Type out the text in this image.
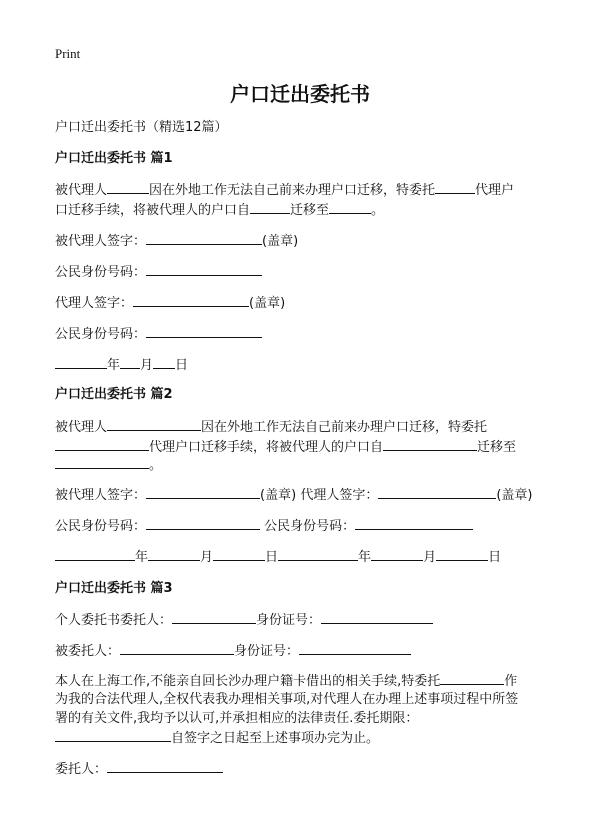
Print
户口迁出委托书
户口迁出委托书（精选12篇）
户口迁出委托书 篇1
被代理人	因在外地工作无法自己前来办理户口迁移，特委托	代理户
口迁移手续，将被代理人的户口自	迁移至	。
被代理人签字：	(盖章)
公民身份号码：
代理人签字：	(盖章)
公民身份号码：
年 月 日
户口迁出委托书 篇2
被代理人	因在外地工作无法自己前来办理户口迁移，特委托
代理户口迁移手续，将被代理人的户口自	迁移至
。
被代理人签字：	(盖章) 代理人签字：	(盖章)
公民身份号码：	公民身份号码：
年	月	日	年	月	日
户口迁出委托书 篇3
个人委托书委托人：	身份证号：
被委托人：	身份证号：
本人在上海工作,不能亲自回长沙办理户籍卡借出的相关手续,特委托	作
为我的合法代理人,全权代表我办理相关事项,对代理人在办理上述事项过程中所签
署的有关文件,我均予以认可,并承担相应的法律责任.委托期限：
自签字之日起至上述事项办完为止。
委托人：
